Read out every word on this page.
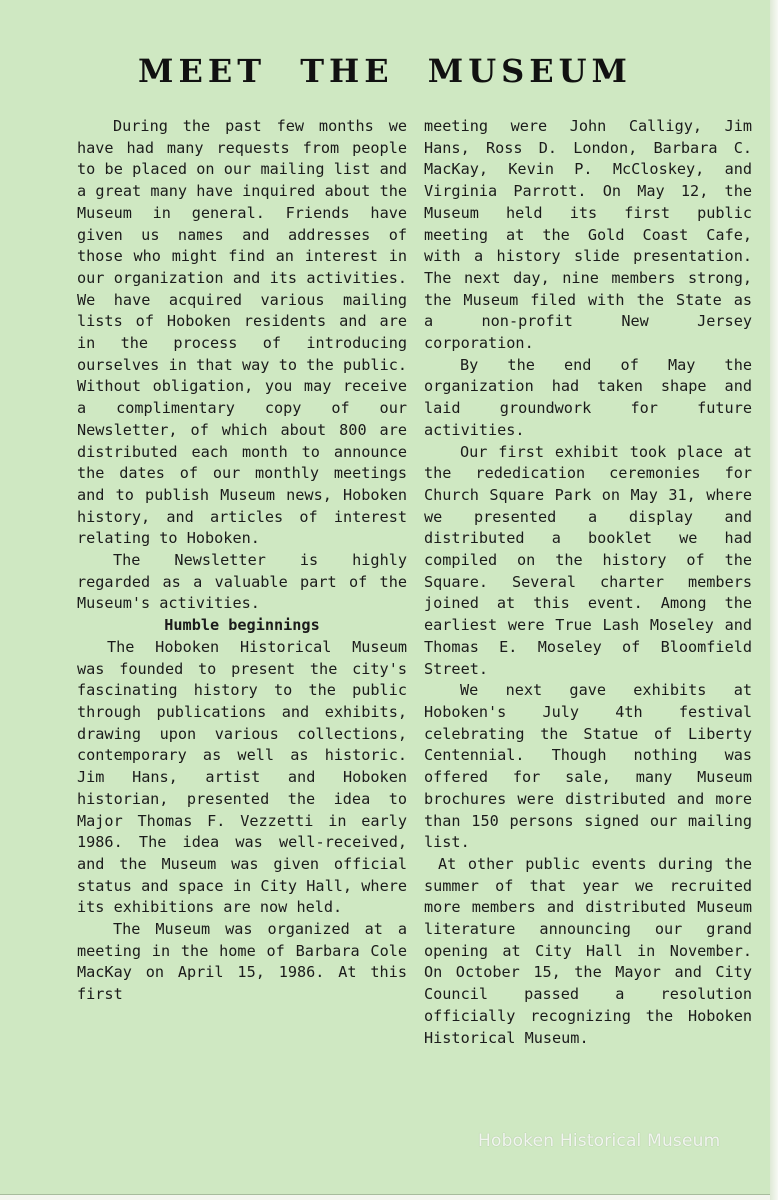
MEET THE MUSEUM

During the past few months we have had many requests from people to be placed on our mailing list and a great many have inquired about the Museum in general. Friends have given us names and addresses of those who might find an interest in our organization and its activities. We have acquired various mailing lists of Hoboken residents and are in the process of introducing ourselves in that way to the public. Without obligation, you may receive a complimentary copy of our Newsletter, of which about 800 are distributed each month to announce the dates of our monthly meetings and to publish Museum news, Hoboken history, and articles of interest relating to Hoboken.

The Newsletter is highly regarded as a valuable part of the Museum's activities.

Humble beginnings

The Hoboken Historical Museum was founded to present the city's fascinating history to the public through publications and exhibits, drawing upon various collections, contemporary as well as historic. Jim Hans, artist and Hoboken historian, presented the idea to Major Thomas F. Vezzetti in early 1986. The idea was well-received, and the Museum was given official status and space in City Hall, where its exhibitions are now held.

The Museum was organized at a meeting in the home of Barbara Cole MacKay on April 15, 1986. At this first

meeting were John Calligy, Jim Hans, Ross D. London, Barbara C. MacKay, Kevin P. McCloskey, and Virginia Parrott. On May 12, the Museum held its first public meeting at the Gold Coast Cafe, with a history slide presentation. The next day, nine members strong, the Museum filed with the State as a non-profit New Jersey corporation.

By the end of May the organization had taken shape and laid groundwork for future activities.

Our first exhibit took place at the rededication ceremonies for Church Square Park on May 31, where we presented a display and distributed a booklet we had compiled on the history of the Square. Several charter members joined at this event. Among the earliest were True Lash Moseley and Thomas E. Moseley of Bloomfield Street.

We next gave exhibits at Hoboken's July 4th festival celebrating the Statue of Liberty Centennial. Though nothing was offered for sale, many Museum brochures were distributed and more than 150 persons signed our mailing list.

At other public events during the summer of that year we recruited more members and distributed Museum literature announcing our grand opening at City Hall in November. On October 15, the Mayor and City Council passed a resolution officially recognizing the Hoboken Historical Museum.

Hoboken Historical Museum
